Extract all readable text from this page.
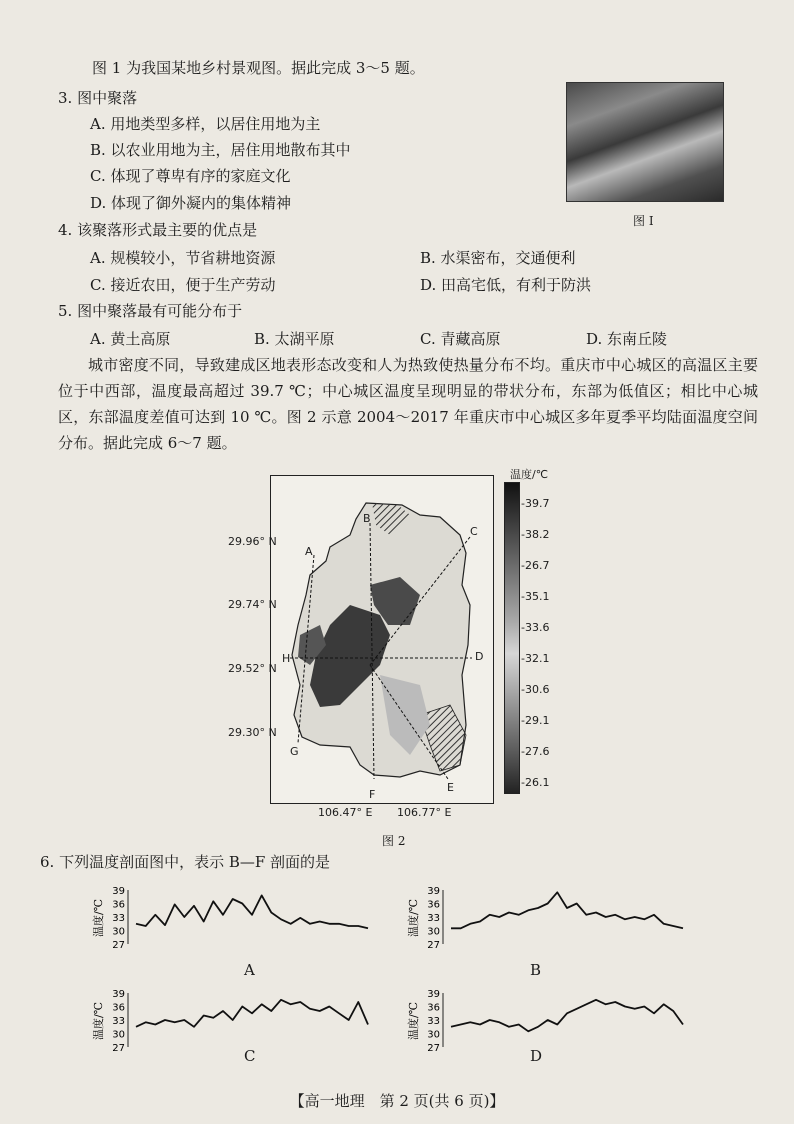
图 1 为我国某地乡村景观图。据此完成 3～5 题。
图 I
3. 图中聚落
A. 用地类型多样，以居住用地为主
B. 以农业用地为主，居住用地散布其中
C. 体现了尊卑有序的家庭文化
D. 体现了御外凝内的集体精神
4. 该聚落形式最主要的优点是
A. 规模较小，节省耕地资源	B. 水渠密布，交通便利
C. 接近农田，便于生产劳动	D. 田高宅低，有利于防洪
5. 图中聚落最有可能分布于
A. 黄土高原	B. 太湖平原	C. 青藏高原	D. 东南丘陵
城市密度不同，导致建成区地表形态改变和人为热致使热量分布不均。重庆市中心城区的高温区主要位于中西部，温度最高超过 39.7 ℃；中心城区温度呈现明显的带状分布，东部为低值区；相比中心城区，东部温度差值可达到 10 ℃。图 2 示意 2004～2017 年重庆市中心城区多年夏季平均陆面温度空间分布。据此完成 6～7 题。
A
B
C
D
E
F
G
H
29.96° N
29.74° N
29.52° N
29.30° N
106.47° E 106.77° E
温度/℃
-39.7
-38.2
-26.7
-35.1
-33.6
-32.1
-30.6
-29.1
-27.6
-26.1
图 2
6. 下列温度剖面图中，表示 B—F 剖面的是
温度/℃
39
36
33
30
27
温度/℃
39
36
33
30
27
温度/℃
39
36
33
30
27
温度/℃
39
36
33
30
27
A	B
C	D
【高一地理　第 2 页(共 6 页)】
